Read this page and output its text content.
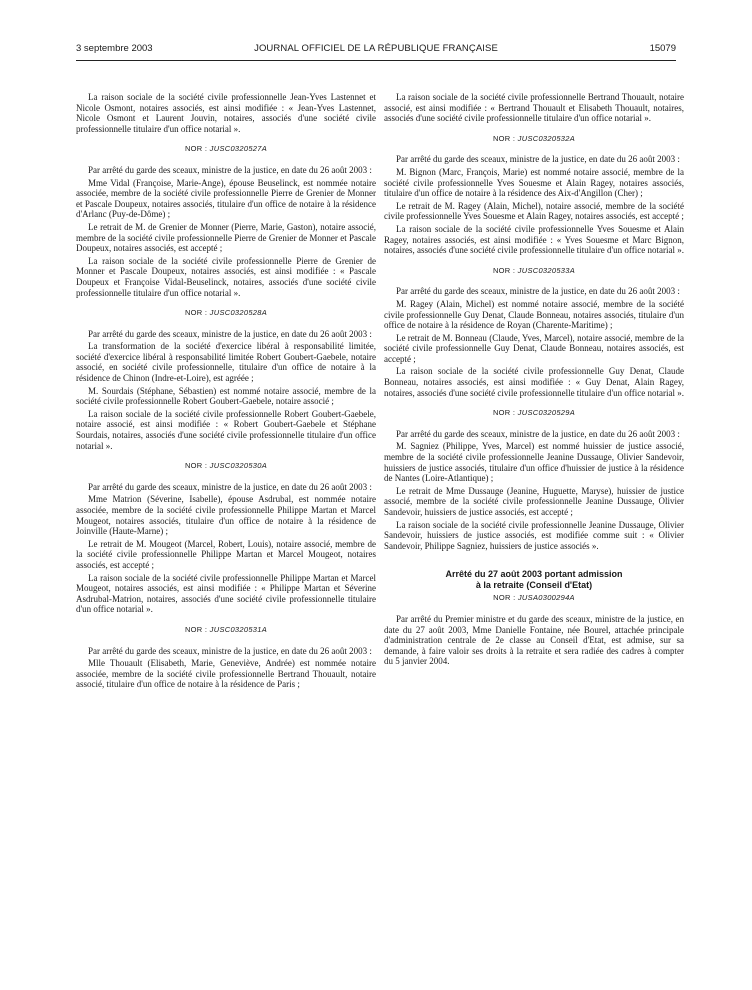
3 septembre 2003	JOURNAL OFFICIEL DE LA RÉPUBLIQUE FRANÇAISE	15079

La raison sociale de la société civile professionnelle Jean-Yves Lastennet et Nicole Osmont, notaires associés, est ainsi modifiée : « Jean-Yves Lastennet, Nicole Osmont et Laurent Jouvin, notaires, associés d'une société civile professionnelle titulaire d'un office notarial ».

NOR : JUSC0320527A

Par arrêté du garde des sceaux, ministre de la justice, en date du 26 août 2003 :

Mme Vidal (Françoise, Marie-Ange), épouse Beuselinck, est nommée notaire associée, membre de la société civile professionnelle Pierre de Grenier de Monner et Pascale Doupeux, notaires associés, titulaire d'un office de notaire à la résidence d'Arlanc (Puy-de-Dôme) ;

Le retrait de M. de Grenier de Monner (Pierre, Marie, Gaston), notaire associé, membre de la société civile professionnelle Pierre de Grenier de Monner et Pascale Doupeux, notaires associés, est accepté ;

La raison sociale de la société civile professionnelle Pierre de Grenier de Monner et Pascale Doupeux, notaires associés, est ainsi modifiée : « Pascale Doupeux et Françoise Vidal-Beuselinck, notaires, associés d'une société civile professionnelle titulaire d'un office notarial ».

NOR : JUSC0320528A

Par arrêté du garde des sceaux, ministre de la justice, en date du 26 août 2003 :

La transformation de la société d'exercice libéral à responsabilité limitée, société d'exercice libéral à responsabilité limitée Robert Goubert-Gaebele, notaire associé, en société civile professionnelle, titulaire d'un office de notaire à la résidence de Chinon (Indre-et-Loire), est agréée ;

M. Sourdais (Stéphane, Sébastien) est nommé notaire associé, membre de la société civile professionnelle Robert Goubert-Gaebele, notaire associé ;

La raison sociale de la société civile professionnelle Robert Goubert-Gaebele, notaire associé, est ainsi modifiée : « Robert Goubert-Gaebele et Stéphane Sourdais, notaires, associés d'une société civile professionnelle titulaire d'un office notarial ».

NOR : JUSC0320530A

Par arrêté du garde des sceaux, ministre de la justice, en date du 26 août 2003 :

Mme Matrion (Séverine, Isabelle), épouse Asdrubal, est nommée notaire associée, membre de la société civile professionnelle Philippe Martan et Marcel Mougeot, notaires associés, titulaire d'un office de notaire à la résidence de Joinville (Haute-Marne) ;

Le retrait de M. Mougeot (Marcel, Robert, Louis), notaire associé, membre de la société civile professionnelle Philippe Martan et Marcel Mougeot, notaires associés, est accepté ;

La raison sociale de la société civile professionnelle Philippe Martan et Marcel Mougeot, notaires associés, est ainsi modifiée : « Philippe Martan et Séverine Asdrubal-Matrion, notaires, associés d'une société civile professionnelle titulaire d'un office notarial ».

NOR : JUSC0320531A

Par arrêté du garde des sceaux, ministre de la justice, en date du 26 août 2003 :

Mlle Thouault (Elisabeth, Marie, Geneviève, Andrée) est nommée notaire associée, membre de la société civile professionnelle Bertrand Thouault, notaire associé, titulaire d'un office de notaire à la résidence de Paris ;

La raison sociale de la société civile professionnelle Bertrand Thouault, notaire associé, est ainsi modifiée : « Bertrand Thouault et Elisabeth Thouault, notaires, associés d'une société civile professionnelle titulaire d'un office notarial ».

NOR : JUSC0320532A

Par arrêté du garde des sceaux, ministre de la justice, en date du 26 août 2003 :

M. Bignon (Marc, François, Marie) est nommé notaire associé, membre de la société civile professionnelle Yves Souesme et Alain Ragey, notaires associés, titulaire d'un office de notaire à la résidence des Aix-d'Angillon (Cher) ;

Le retrait de M. Ragey (Alain, Michel), notaire associé, membre de la société civile professionnelle Yves Souesme et Alain Ragey, notaires associés, est accepté ;

La raison sociale de la société civile professionnelle Yves Souesme et Alain Ragey, notaires associés, est ainsi modifiée : « Yves Souesme et Marc Bignon, notaires, associés d'une société civile professionnelle titulaire d'un office notarial ».

NOR : JUSC0320533A

Par arrêté du garde des sceaux, ministre de la justice, en date du 26 août 2003 :

M. Ragey (Alain, Michel) est nommé notaire associé, membre de la société civile professionnelle Guy Denat, Claude Bonneau, notaires associés, titulaire d'un office de notaire à la résidence de Royan (Charente-Maritime) ;

Le retrait de M. Bonneau (Claude, Yves, Marcel), notaire associé, membre de la société civile professionnelle Guy Denat, Claude Bonneau, notaires associés, est accepté ;

La raison sociale de la société civile professionnelle Guy Denat, Claude Bonneau, notaires associés, est ainsi modifiée : « Guy Denat, Alain Ragey, notaires, associés d'une société civile professionnelle titulaire d'un office notarial ».

NOR : JUSC0320529A

Par arrêté du garde des sceaux, ministre de la justice, en date du 26 août 2003 :

M. Sagniez (Philippe, Yves, Marcel) est nommé huissier de justice associé, membre de la société civile professionnelle Jeanine Dussauge, Olivier Sandevoir, huissiers de justice associés, titulaire d'un office d'huissier de justice à la résidence de Nantes (Loire-Atlantique) ;

Le retrait de Mme Dussauge (Jeanine, Huguette, Maryse), huissier de justice associé, membre de la société civile professionnelle Jeanine Dussauge, Olivier Sandevoir, huissiers de justice associés, est accepté ;

La raison sociale de la société civile professionnelle Jeanine Dussauge, Olivier Sandevoir, huissiers de justice associés, est modifiée comme suit : « Olivier Sandevoir, Philippe Sagniez, huissiers de justice associés ».

Arrêté du 27 août 2003 portant admission
à la retraite (Conseil d'Etat)
NOR : JUSA0300294A

Par arrêté du Premier ministre et du garde des sceaux, ministre de la justice, en date du 27 août 2003, Mme Danielle Fontaine, née Bourel, attachée principale d'administration centrale de 2e classe au Conseil d'Etat, est admise, sur sa demande, à faire valoir ses droits à la retraite et sera radiée des cadres à compter du 5 janvier 2004.
